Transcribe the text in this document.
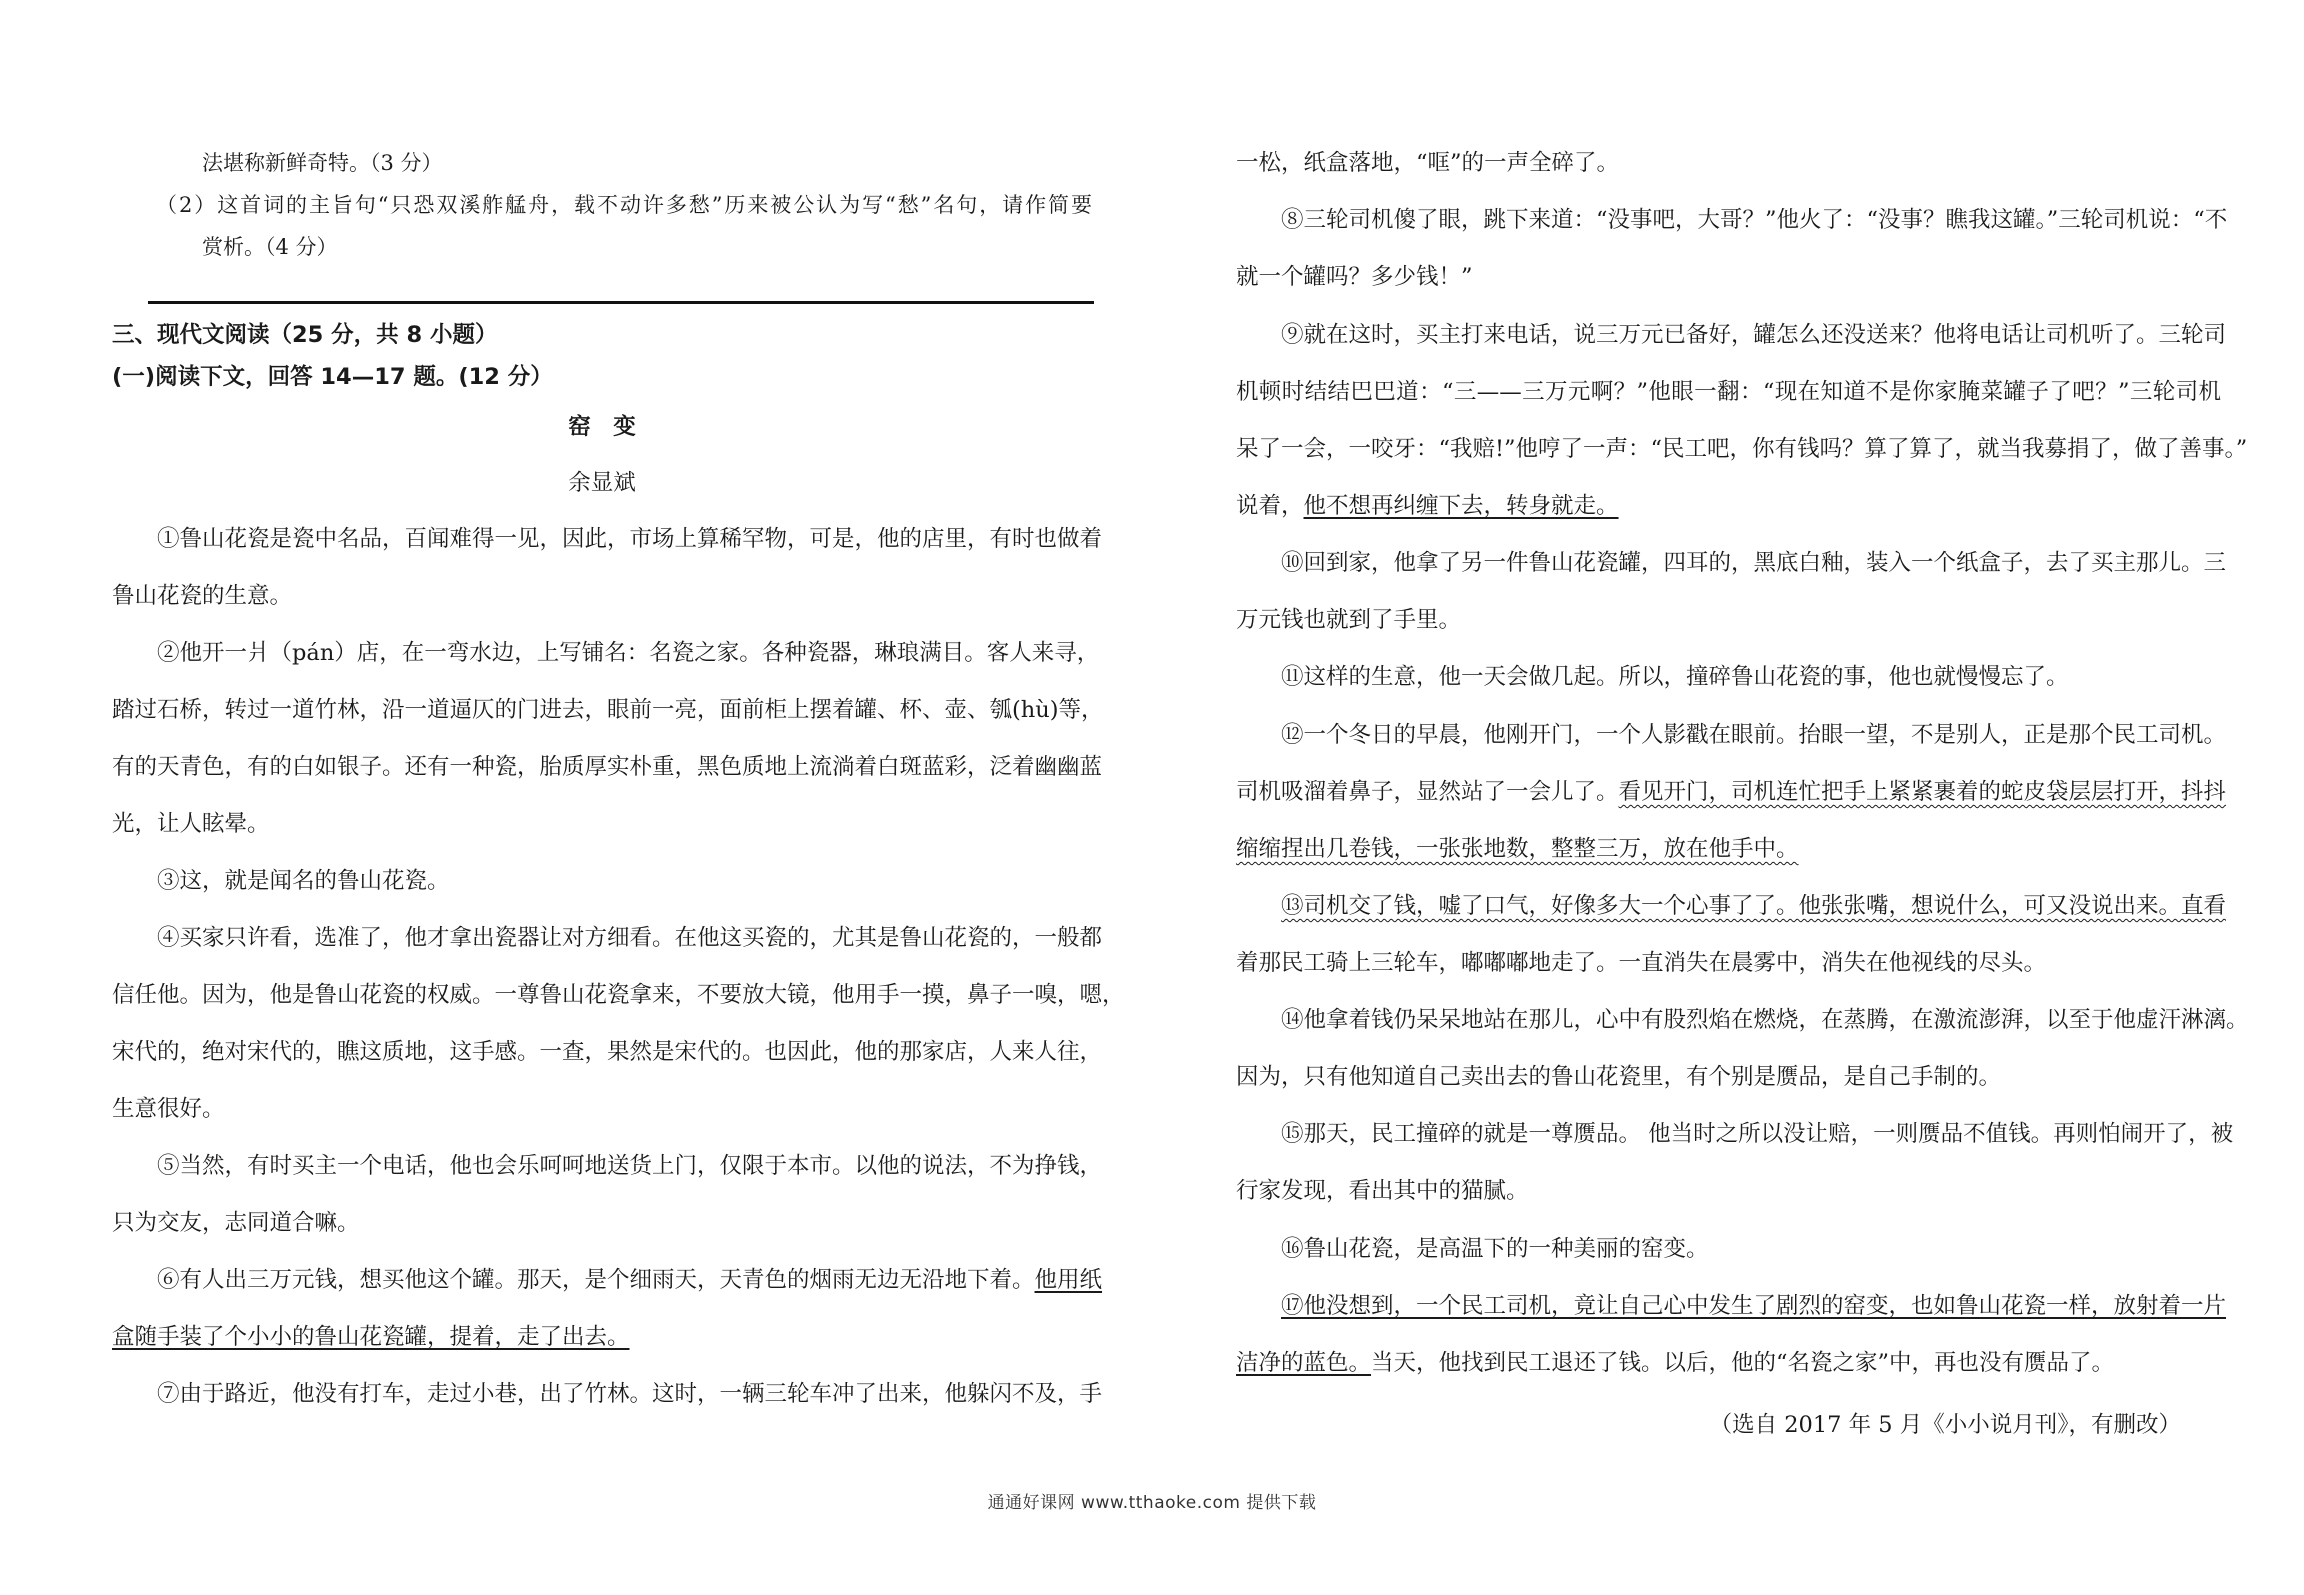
法堪称新鲜奇特。（3 分）
（2）这首词的主旨句“只恐双溪舴艋舟，载不动许多愁”历来被公认为写“愁”名句，请作简要
赏析。（4 分）
三、现代文阅读（25 分，共 8 小题）
(一)阅读下文，回答 14—17 题。(12 分）
窑　变
余显斌
①鲁山花瓷是瓷中名品，百闻难得一见，因此，市场上算稀罕物，可是，他的店里，有时也做着
鲁山花瓷的生意。
②他开一爿（pán）店，在一弯水边，上写铺名：名瓷之家。各种瓷器，琳琅满目。客人来寻，
踏过石桥，转过一道竹林，沿一道逼仄的门进去，眼前一亮，面前柜上摆着罐、杯、壶、瓠(hù)等，
有的天青色，有的白如银子。还有一种瓷，胎质厚实朴重，黑色质地上流淌着白斑蓝彩，泛着幽幽蓝
光，让人眩晕。
③这，就是闻名的鲁山花瓷。
④买家只许看，选准了，他才拿出瓷器让对方细看。在他这买瓷的，尤其是鲁山花瓷的，一般都
信任他。因为，他是鲁山花瓷的权威。一尊鲁山花瓷拿来，不要放大镜，他用手一摸，鼻子一嗅，嗯，
宋代的，绝对宋代的，瞧这质地，这手感。一查，果然是宋代的。也因此，他的那家店，人来人往，
生意很好。
⑤当然，有时买主一个电话，他也会乐呵呵地送货上门，仅限于本市。以他的说法，不为挣钱，
只为交友，志同道合嘛。
⑥有人出三万元钱，想买他这个罐。那天，是个细雨天，天青色的烟雨无边无沿地下着。他用纸
盒随手装了个小小的鲁山花瓷罐，提着，走了出去。
⑦由于路近，他没有打车，走过小巷，出了竹林。这时，一辆三轮车冲了出来，他躲闪不及，手
一松，纸盒落地，“哐”的一声全碎了。
⑧三轮司机傻了眼，跳下来道：“没事吧，大哥？”他火了：“没事？瞧我这罐。”三轮司机说：“不
就一个罐吗？多少钱！”
⑨就在这时，买主打来电话，说三万元已备好，罐怎么还没送来？他将电话让司机听了。三轮司
机顿时结结巴巴道：“三——三万元啊？”他眼一翻：“现在知道不是你家腌菜罐子了吧？”三轮司机
呆了一会，一咬牙：“我赔!”他哼了一声：“民工吧，你有钱吗？算了算了，就当我募捐了，做了善事。”
说着，他不想再纠缠下去，转身就走。
⑩回到家，他拿了另一件鲁山花瓷罐，四耳的，黑底白釉，装入一个纸盒子，去了买主那儿。三
万元钱也就到了手里。
⑪这样的生意，他一天会做几起。所以，撞碎鲁山花瓷的事，他也就慢慢忘了。
⑫一个冬日的早晨，他刚开门，一个人影戳在眼前。抬眼一望，不是别人，正是那个民工司机。
司机吸溜着鼻子，显然站了一会儿了。看见开门，司机连忙把手上紧紧裹着的蛇皮袋层层打开，抖抖
缩缩捏出几卷钱，一张张地数，整整三万，放在他手中。
⑬司机交了钱，嘘了口气，好像多大一个心事了了。他张张嘴，想说什么，可又没说出来。直看
着那民工骑上三轮车，嘟嘟嘟地走了。一直消失在晨雾中，消失在他视线的尽头。
⑭他拿着钱仍呆呆地站在那儿，心中有股烈焰在燃烧，在蒸腾，在激流澎湃，以至于他虚汗淋漓。
因为，只有他知道自己卖出去的鲁山花瓷里，有个别是赝品，是自己手制的。
⑮那天，民工撞碎的就是一尊赝品。 他当时之所以没让赔，一则赝品不值钱。再则怕闹开了，被
行家发现，看出其中的猫腻。
⑯鲁山花瓷，是高温下的一种美丽的窑变。
⑰他没想到，一个民工司机，竟让自己心中发生了剧烈的窑变，也如鲁山花瓷一样，放射着一片
洁净的蓝色。当天，他找到民工退还了钱。以后，他的“名瓷之家”中，再也没有赝品了。
（选自 2017 年 5 月《小小说月刊》，有删改）
通通好课网 www.tthaoke.com 提供下载
